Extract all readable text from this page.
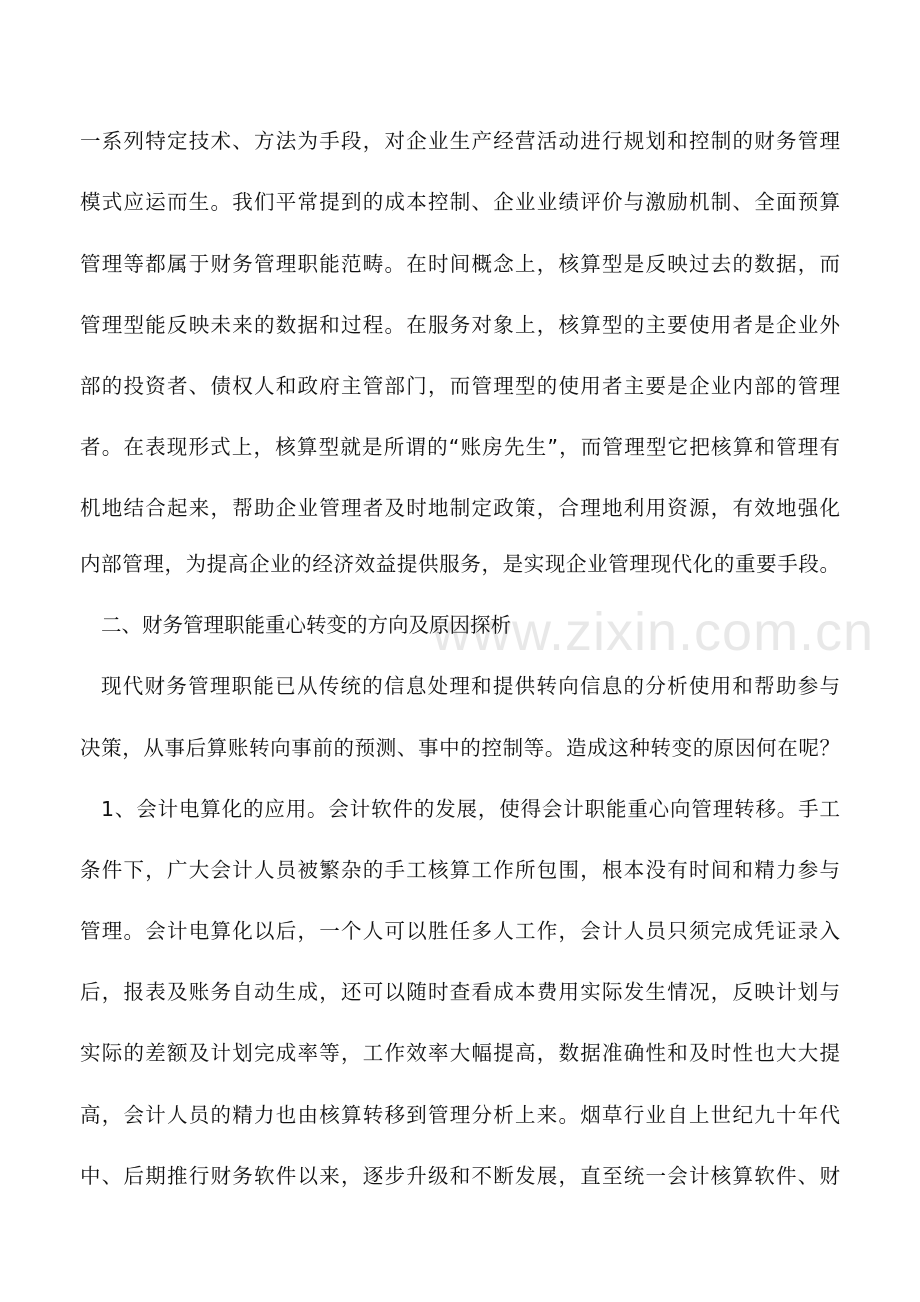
www.zixin.com.cn
一系列特定技术、方法为手段，对企业生产经营活动进行规划和控制的财务管理
模式应运而生。我们平常提到的成本控制、企业业绩评价与激励机制、全面预算
管理等都属于财务管理职能范畴。在时间概念上，核算型是反映过去的数据，而
管理型能反映未来的数据和过程。在服务对象上，核算型的主要使用者是企业外
部的投资者、债权人和政府主管部门，而管理型的使用者主要是企业内部的管理
者。在表现形式上，核算型就是所谓的“账房先生”，而管理型它把核算和管理有
机地结合起来，帮助企业管理者及时地制定政策，合理地利用资源，有效地强化
内部管理，为提高企业的经济效益提供服务，是实现企业管理现代化的重要手段。
二、财务管理职能重心转变的方向及原因探析
现代财务管理职能已从传统的信息处理和提供转向信息的分析使用和帮助参与
决策，从事后算账转向事前的预测、事中的控制等。造成这种转变的原因何在呢？
1、会计电算化的应用。会计软件的发展，使得会计职能重心向管理转移。手工
条件下，广大会计人员被繁杂的手工核算工作所包围，根本没有时间和精力参与
管理。会计电算化以后，一个人可以胜任多人工作，会计人员只须完成凭证录入
后，报表及账务自动生成，还可以随时查看成本费用实际发生情况，反映计划与
实际的差额及计划完成率等，工作效率大幅提高，数据准确性和及时性也大大提
高，会计人员的精力也由核算转移到管理分析上来。烟草行业自上世纪九十年代
中、后期推行财务软件以来，逐步升级和不断发展，直至统一会计核算软件、财
